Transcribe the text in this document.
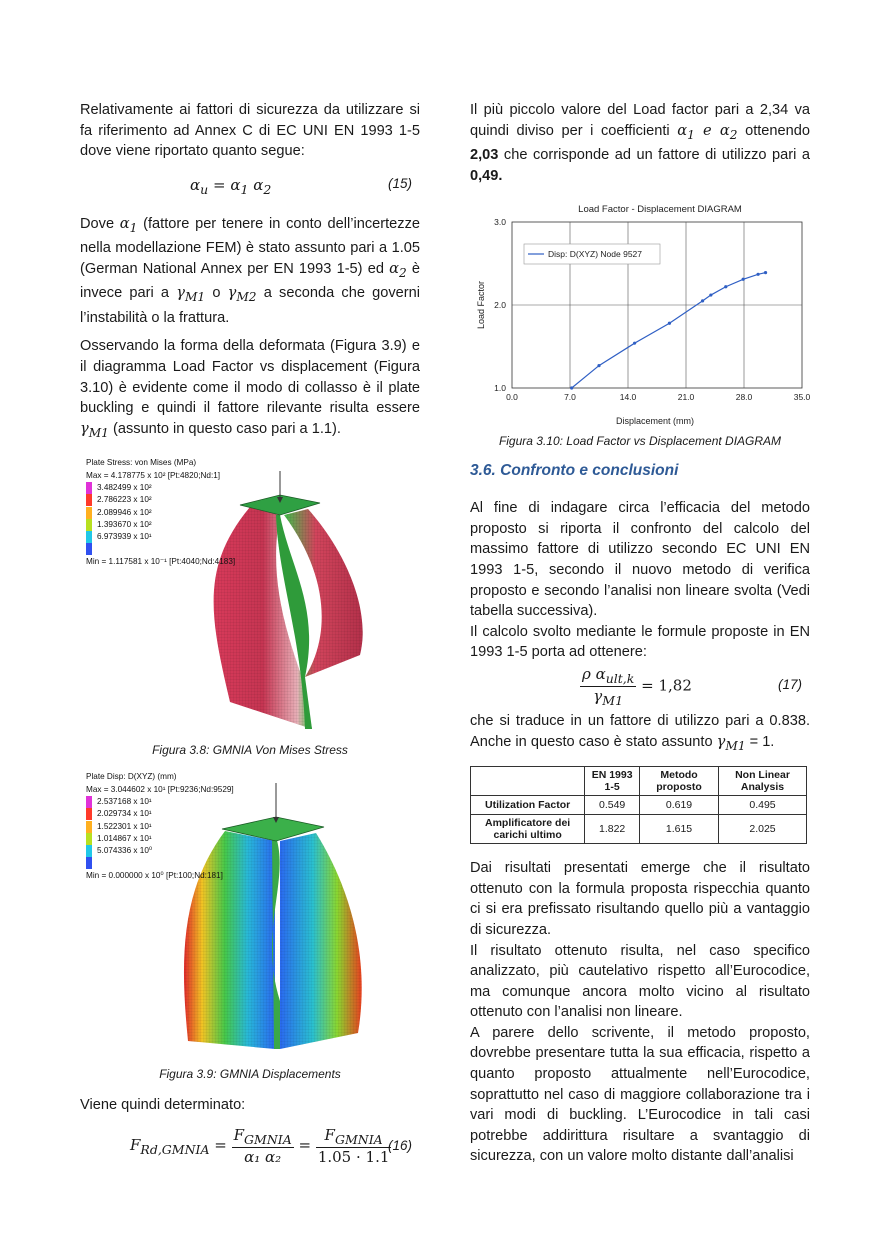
Relativamente ai fattori di sicurezza da utilizzare si fa riferimento ad Annex C di EC UNI EN 1993 1-5 dove viene riportato quanto segue:

$\alpha_u = \alpha_1$ $\alpha_2$	(15)

Dove $\alpha_1$ (fattore per tenere in conto dell’incertezze nella modellazione FEM) è stato assunto pari a 1.05 (German National Annex per EN 1993 1-5) ed $\alpha_2$ è invece pari a $\gamma_{M1}$ o $\gamma_{M2}$ a seconda che governi l’instabilità o la frattura.

Osservando la forma della deformata (Figura 3.9) e il diagramma Load Factor vs displacement (Figura 3.10) è evidente come il modo di collasso è il plate buckling e quindi il fattore rilevante risulta essere $\gamma_{M1}$ (assunto in questo caso pari a 1.1).

Plate Stress: von Mises (MPa)
Max = 4.178775 x 10² [Pt:4820;Nd:1]
3.482499 x 10²
2.786223 x 10²
2.089946 x 10²
1.393670 x 10²
6.973939 x 10¹
Min = 1.117581 x 10⁻¹ [Pt:4040;Nd:4183]
Figura 3.8: GMNIA Von Mises Stress
Plate Disp: D(XYZ) (mm)
Max = 3.044602 x 10¹ [Pt:9236;Nd:9529]
2.537168 x 10¹
2.029734 x 10¹
1.522301 x 10¹
1.014867 x 10¹
5.074336 x 10⁰
Min = 0.000000 x 10⁰ [Pt:100;Nd:181]
Figura 3.9: GMNIA Displacements

Viene quindi determinato:

$F_{Rd,GMNIA}$ =
$F_{GMNIA}$
α₁ α₂
=
$F_{GMNIA}$
1.05 · 1.1
(16)

Il più piccolo valore del Load factor pari a 2,34 va quindi diviso per i coefficienti $\alpha_1$ e $\alpha_2$ ottenendo 2,03 che corrisponde ad un fattore di utilizzo pari a 0,49.

Load Factor - Displacement DIAGRAM
0.0	7.0	14.0	21.0	28.0	35.0
1.0
2.0
3.0
Disp: D(XYZ) Node 9527
Displacement (mm)
Load Factor
Figura 3.10: Load Factor vs Displacement DIAGRAM
3.6. Confronto e conclusioni

Al fine di indagare circa l’efficacia del metodo proposto si riporta il confronto del calcolo del massimo fattore di utilizzo secondo EC UNI EN 1993 1-5, secondo il nuovo metodo di verifica proposto e secondo l’analisi non lineare svolta (Vedi tabella successiva).

Il calcolo svolto mediante le formule proposte in EN 1993 1-5 porta ad ottenere:

ρ $\alpha_{ult,k}$
$\gamma_{M1}$
= 1,82	(17)

che si traduce in un fattore di utilizzo pari a 0.838. Anche in questo caso è stato assunto $\gamma_{M1} = 1$.

	EN 1993 1-5	Metodo proposto	Non Linear Analysis
Utilization Factor	0.549	0.619	0.495
Amplificatore dei carichi ultimo	1.822	1.615	2.025

Dai risultati presentati emerge che il risultato ottenuto con la formula proposta rispecchia quanto ci si era prefissato risultando quello più a vantaggio di sicurezza.

Il risultato ottenuto risulta, nel caso specifico analizzato, più cautelativo rispetto all’Eurocodice, ma comunque ancora molto vicino al risultato ottenuto con l’analisi non lineare.

A parere dello scrivente, il metodo proposto, dovrebbe presentare tutta la sua efficacia, rispetto a quanto proposto attualmente nell’Eurocodice, soprattutto nel caso di maggiore collaborazione tra i vari modi di buckling. L’Eurocodice in tali casi potrebbe addirittura risultare a svantaggio di sicurezza, con un valore molto distante dall’analisi
